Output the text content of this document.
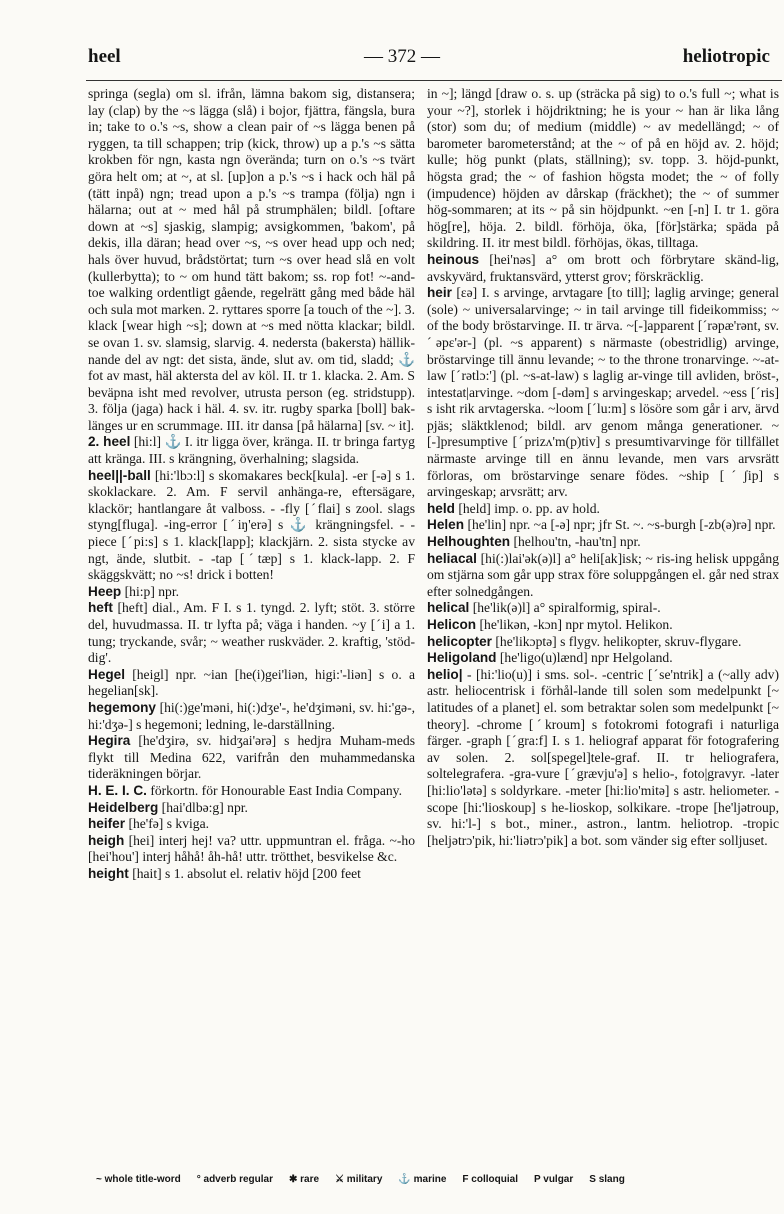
heel	— 372 —	heliotropic

springa (segla) om sl. ifrån, lämna bakom sig, distansera; lay (clap) by the ~s lägga (slå) i bojor, fjättra, fängsla, bura in; take to o.'s ~s, show a clean pair of ~s lägga benen på ryggen, ta till schappen; trip (kick, throw) up a p.'s ~s sätta krokben för ngn, kasta ngn överända; turn on o.'s ~s tvärt göra helt om; at ~, at sl. [up]on a p.'s ~s i hack och häl på (tätt inpå) ngn; tread upon a p.'s ~s trampa (följa) ngn i hälarna; out at ~ med hål på strumphälen; bildl. [oftare down at ~s] sjaskig, slampig; avsigkommen, 'bakom', på dekis, illa däran; head over ~s, ~s over head upp och ned; hals över huvud, brådstörtat; turn ~s over head slå en volt (kullerbytta); to ~ om hund tätt bakom; ss. rop fot! ~-and-toe walking ordentligt gående, regelrätt gång med både häl och sula mot marken. 2. ryttares sporre [a touch of the ~]. 3. klack [wear high ~s]; down at ~s med nötta klackar; bildl. se ovan 1. sv. slamsig, slarvig. 4. nedersta (bakersta) hällik-nande del av ngt: det sista, ände, slut av. om tid, sladd; ⚓ fot av mast, häl aktersta del av köl. II. tr 1. klacka. 2. Am. S beväpna isht med revolver, utrusta person (eg. stridstupp). 3. följa (jaga) hack i häl. 4. sv. itr. rugby sparka [boll] bak-länges ur en scrummage. III. itr dansa [på hälarna] [sv. ~ it].

2. heel [hi:l] ⚓ I. itr ligga över, kränga. II. tr bringa fartyg att kränga. III. s krängning, överhalning; slagsida.

heel||-ball [hi:'lbɔ:l] s skomakares beck[kula]. -er [-ə] s 1. skoklackare. 2. Am. F servil anhänga-re, eftersägare, klackör; hantlangare åt valboss. - -fly [ˊflai] s zool. slags styng[fluga]. -ing-error [ˊiŋ'erə] s ⚓ krängningsfel. - -piece [ˊpi:s] s 1. klack[lapp]; klackjärn. 2. sista stycke av ngt, ände, slutbit. - -tap [ˊtæp] s 1. klack-lapp. 2. F skäggskvätt; no ~s! drick i botten!

Heep [hi:p] npr.

heft [heft] dial., Am. F I. s 1. tyngd. 2. lyft; stöt. 3. större del, huvudmassa. II. tr lyfta på; väga i handen. ~y [ˊi] a 1. tung; tryckande, svår; ~ weather ruskväder. 2. kraftig, 'stöd-dig'.

Hegel [heigl] npr. ~ian [he(i)gei'liən, higi:'-liən] s o. a hegelian[sk].

hegemony [hi(:)ge'məni, hi(:)dʒe'-, he'dʒiməni, sv. hi:'gə-, hi:'dʒə-] s hegemoni; ledning, le-darställning.

Hegira [he'dʒirə, sv. hidʒai'ərə] s hedjra Muham-meds flykt till Medina 622, varifrån den muhammedanska tideräkningen börjar.

H. E. I. C. förkortn. för Honourable East India Company.

Heidelberg [hai'dlbə:g] npr.

heifer [he'fə] s kviga.

heigh [hei] interj hej! va? uttr. uppmuntran el. fråga. ~-ho [hei'hou'] interj håhå! åh-hå! uttr. trötthet, besvikelse &c.

height [hait] s 1. absolut el. relativ höjd [200 feet

in ~]; längd [draw o. s. up (sträcka på sig) to o.'s full ~; what is your ~?], storlek i höjdriktning; he is your ~ han är lika lång (stor) som du; of medium (middle) ~ av medellängd; ~ of barometer barometerstånd; at the ~ of på en höjd av. 2. höjd; kulle; hög punkt (plats, ställning); sv. topp. 3. höjd-punkt, högsta grad; the ~ of fashion högsta modet; the ~ of folly (impudence) höjden av dårskap (fräckhet); the ~ of summer hög-sommaren; at its ~ på sin höjdpunkt. ~en [-n] I. tr 1. göra hög[re], höja. 2. bildl. förhöja, öka, [för]stärka; späda på skildring. II. itr mest bildl. förhöjas, ökas, tilltaga.

heinous [hei'nəs] a° om brott och förbrytare skänd-lig, avskyvärd, fruktansvärd, ytterst grov; förskräcklig.

heir [ɛə] I. s arvinge, arvtagare [to till]; laglig arvinge; general (sole) ~ universalarvinge; ~ in tail arvinge till fideikommiss; ~ of the body bröstarvinge. II. tr ärva. ~[-]apparent [ˊrəpæ'rənt, sv. ˊəpɛ'ər-] (pl. ~s apparent) s närmaste (obestridlig) arvinge, bröstarvinge till ännu levande; ~ to the throne tronarvinge. ~-at-law [ˊrətlɔ:'] (pl. ~s-at-law) s laglig ar-vinge till avliden, bröst-, intestat|arvinge. ~dom [-dəm] s arvingeskap; arvedel. ~ess [ˊris] s isht rik arvtagerska. ~loom [ˊlu:m] s lösöre som går i arv, ärvd pjäs; släktklenod; bildl. arv genom många generationer. ~[-]presumptive [ˊprizʌ'm(p)tiv] s presumtivarvinge för tillfället närmaste arvinge till en ännu levande, men vars arvsrätt förloras, om bröstarvinge senare födes. ~ship [ˊʃip] s arvingeskap; arvsrätt; arv.

held [held] imp. o. pp. av hold.

Helen [he'lin] npr. ~a [-ə] npr; jfr St. ~. ~s-burgh [-zb(ə)rə] npr.

Helhoughten [helhou'tn, -hau'tn] npr.

heliacal [hi(:)lai'ək(ə)l] a° heli[ak]isk; ~ ris-ing helisk uppgång om stjärna som går upp strax före soluppgången el. går ned strax efter solnedgången.

helical [he'lik(ə)l] a° spiralformig, spiral-.

Helicon [he'likən, -kɔn] npr mytol. Helikon.

helicopter [he'likɔptə] s flygv. helikopter, skruv-flygare.

Heligoland [he'ligo(u)lænd] npr Helgoland.

helio| - [hi:'lio(u)] i sms. sol-. -centric [ˊse'ntrik] a (~ally adv) astr. heliocentrisk i förhål-lande till solen som medelpunkt [~ latitudes of a planet] el. som betraktar solen som medelpunkt [~ theory]. -chrome [ˊkroum] s fotokromi fotografi i naturliga färger. -graph [ˊgra:f] I. s 1. heliograf apparat för fotografering av solen. 2. sol[spegel]tele-graf. II. tr heliografera, soltelegrafera. -gra-vure [ˊgrævju'ə] s helio-, foto|gravyr. -later [hi:lio'lətə] s soldyrkare. -meter [hi:lio'mitə] s astr. heliometer. -scope [hi:'lioskoup] s he-lioskop, solkikare. -trope [he'ljətroup, sv. hi:'l-] s bot., miner., astron., lantm. heliotrop. -tropic [heljətrɔ'pik, hi:'liətrɔ'pik] a bot. som vänder sig efter solljuset.

~ whole title-word ° adverb regular ✱ rare ⚔ military ⚓ marine F colloquial P vulgar S slang
